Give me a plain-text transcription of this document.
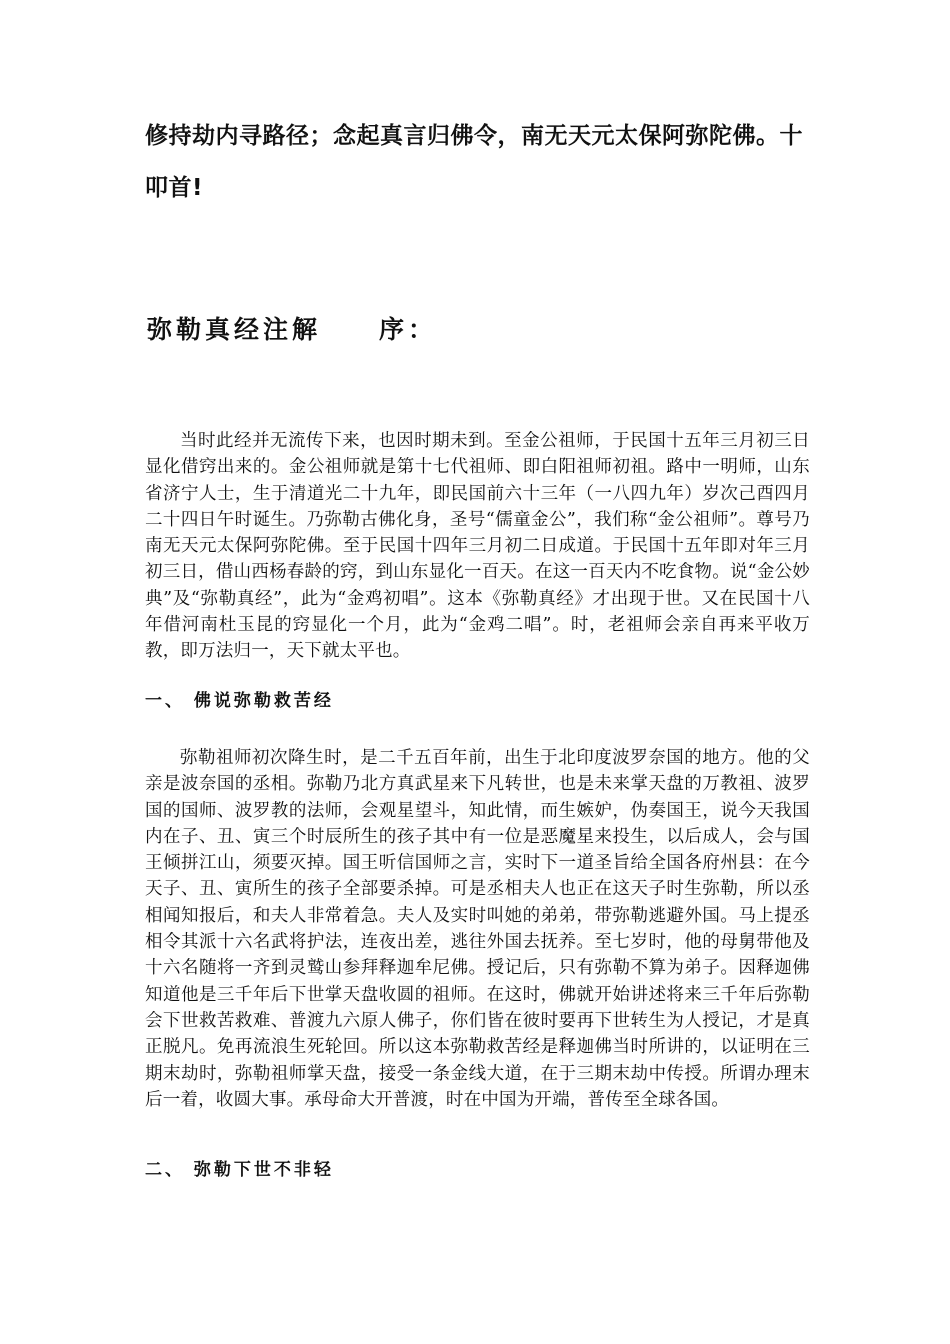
修持劫内寻路径；念起真言归佛令，南无天元太保阿弥陀佛。十叩首!

弥勒真经注解 序：

当时此经并无流传下来，也因时期未到。至金公祖师，于民国十五年三月初三日显化借窍出来的。金公祖师就是第十七代祖师、即白阳祖师初祖。路中一明师，山东省济宁人士，生于清道光二十九年，即民国前六十三年（一八四九年）岁次己酉四月二十四日午时诞生。乃弥勒古佛化身，圣号“儒童金公”，我们称“金公祖师”。尊号乃南无天元太保阿弥陀佛。至于民国十四年三月初二日成道。于民国十五年即对年三月初三日，借山西杨春龄的窍，到山东显化一百天。在这一百天内不吃食物。说“金公妙典”及“弥勒真经”，此为“金鸡初唱”。这本《弥勒真经》才出现于世。又在民国十八年借河南杜玉昆的窍显化一个月，此为“金鸡二唱”。时，老祖师会亲自再来平收万教，即万法归一，天下就太平也。

一、 佛说弥勒救苦经

弥勒祖师初次降生时，是二千五百年前，出生于北印度波罗奈国的地方。他的父亲是波奈国的丞相。弥勒乃北方真武星来下凡转世，也是未来掌天盘的万教祖、波罗国的国师、波罗教的法师，会观星望斗，知此情，而生嫉妒，伪奏国王，说今天我国内在子、丑、寅三个时辰所生的孩子其中有一位是恶魔星来投生，以后成人，会与国王倾拼江山，须要灭掉。国王听信国师之言，实时下一道圣旨给全国各府州县：在今天子、丑、寅所生的孩子全部要杀掉。可是丞相夫人也正在这天子时生弥勒，所以丞相闻知报后，和夫人非常着急。夫人及实时叫她的弟弟，带弥勒逃避外国。马上提丞相令其派十六名武将护法，连夜出差，逃往外国去抚养。至七岁时，他的母舅带他及十六名随将一齐到灵鹫山参拜释迦牟尼佛。授记后，只有弥勒不算为弟子。因释迦佛知道他是三千年后下世掌天盘收圆的祖师。在这时，佛就开始讲述将来三千年后弥勒会下世救苦救难、普渡九六原人佛子，你们皆在彼时要再下世转生为人授记，才是真正脱凡。免再流浪生死轮回。所以这本弥勒救苦经是释迦佛当时所讲的，以证明在三期末劫时，弥勒祖师掌天盘，接受一条金线大道，在于三期末劫中传授。所谓办理末后一着，收圆大事。承母命大开普渡，时在中国为开端，普传至全球各国。

二、 弥勒下世不非轻
